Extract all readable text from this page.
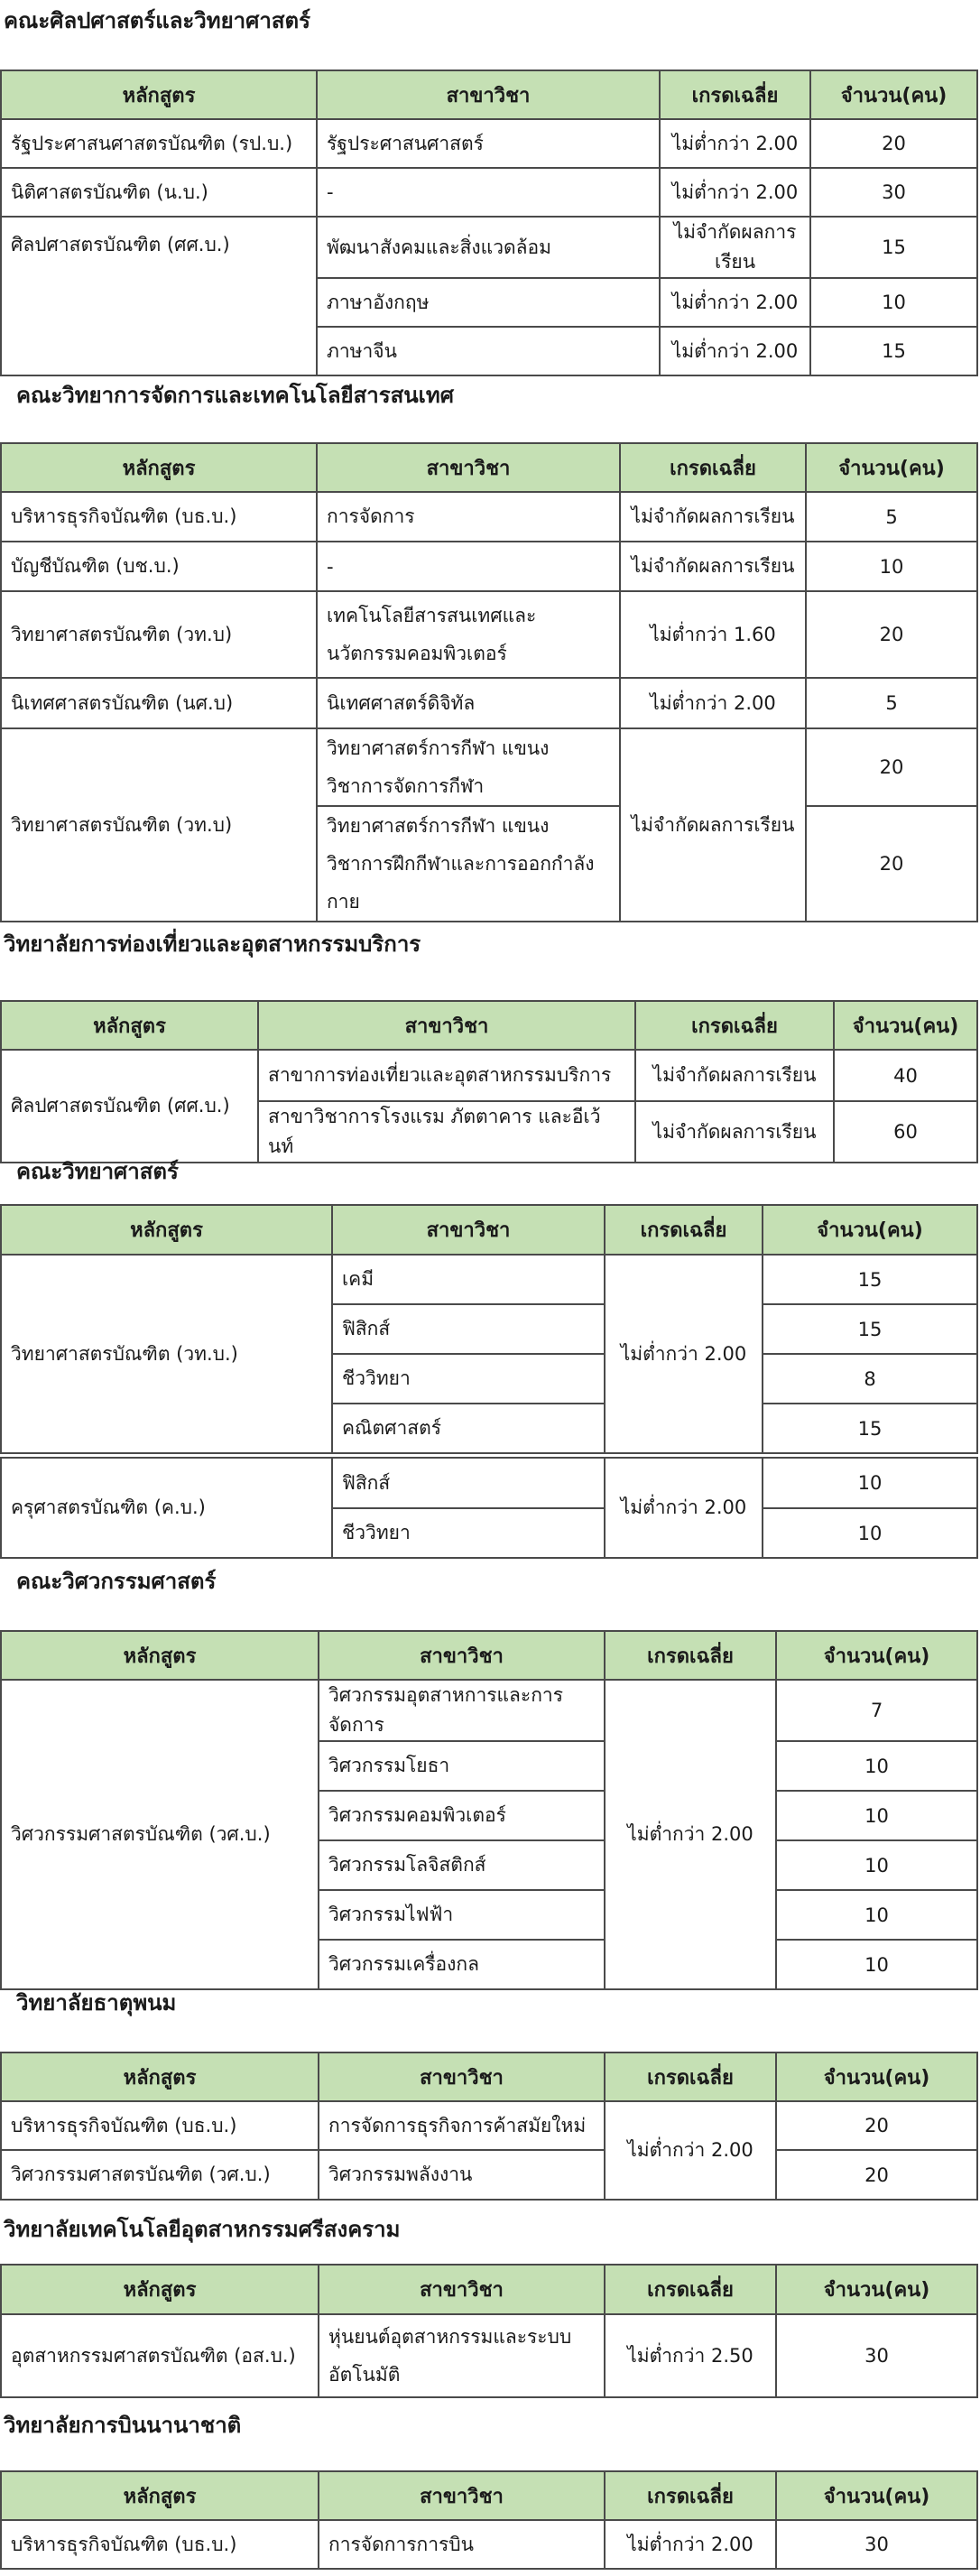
คณะศิลปศาสตร์และวิทยาศาสตร์
หลักสูตร	สาขาวิชา	เกรดเฉลี่ย	จำนวน(คน)
รัฐประศาสนศาสตรบัณฑิต (รป.บ.)	รัฐประศาสนศาสตร์	ไม่ต่ำกว่า 2.00	20
นิติศาสตรบัณฑิต (น.บ.)	-	ไม่ต่ำกว่า 2.00	30
ศิลปศาสตรบัณฑิต (ศศ.บ.)	พัฒนาสังคมและสิ่งแวดล้อม	ไม่จำกัดผลการเรียน	15
	ภาษาอังกฤษ	ไม่ต่ำกว่า 2.00	10
	ภาษาจีน	ไม่ต่ำกว่า 2.00	15
คณะวิทยาการจัดการและเทคโนโลยีสารสนเทศ
หลักสูตร	สาขาวิชา	เกรดเฉลี่ย	จำนวน(คน)
บริหารธุรกิจบัณฑิต (บธ.บ.)	การจัดการ	ไม่จำกัดผลการเรียน	5
บัญชีบัณฑิต (บช.บ.)	-	ไม่จำกัดผลการเรียน	10
วิทยาศาสตรบัณฑิต (วท.บ)	เทคโนโลยีสารสนเทศและนวัตกรรมคอมพิวเตอร์	ไม่ต่ำกว่า 1.60	20
นิเทศศาสตรบัณฑิต (นศ.บ)	นิเทศศาสตร์ดิจิทัล	ไม่ต่ำกว่า 2.00	5
วิทยาศาสตรบัณฑิต (วท.บ)	วิทยาศาสตร์การกีฬา แขนงวิชาการจัดการกีฬา	ไม่จำกัดผลการเรียน	20
	วิทยาศาสตร์การกีฬา แขนงวิชาการฝึกกีฬาและการออกกำลังกาย		20
วิทยาลัยการท่องเที่ยวและอุตสาหกรรมบริการ
หลักสูตร	สาขาวิชา	เกรดเฉลี่ย	จำนวน(คน)
ศิลปศาสตรบัณฑิต (ศศ.บ.)	สาขาการท่องเที่ยวและอุตสาหกรรมบริการ	ไม่จำกัดผลการเรียน	40
	สาขาวิชาการโรงแรม ภัตตาคาร และอีเว้นท์	ไม่จำกัดผลการเรียน	60
คณะวิทยาศาสตร์
หลักสูตร	สาขาวิชา	เกรดเฉลี่ย	จำนวน(คน)
วิทยาศาสตรบัณฑิต (วท.บ.)	เคมี	ไม่ต่ำกว่า 2.00	15
	ฟิสิกส์		15
	ชีววิทยา		8
	คณิตศาสตร์		15
ครุศาสตรบัณฑิต (ค.บ.)	ฟิสิกส์	ไม่ต่ำกว่า 2.00	10
	ชีววิทยา		10
คณะวิศวกรรมศาสตร์
หลักสูตร	สาขาวิชา	เกรดเฉลี่ย	จำนวน(คน)
วิศวกรรมศาสตรบัณฑิต (วศ.บ.)	วิศวกรรมอุตสาหการและการจัดการ	ไม่ต่ำกว่า 2.00	7
	วิศวกรรมโยธา		10
	วิศวกรรมคอมพิวเตอร์		10
	วิศวกรรมโลจิสติกส์		10
	วิศวกรรมไฟฟ้า		10
	วิศวกรรมเครื่องกล		10
วิทยาลัยธาตุพนม
หลักสูตร	สาขาวิชา	เกรดเฉลี่ย	จำนวน(คน)
บริหารธุรกิจบัณฑิต (บธ.บ.)	การจัดการธุรกิจการค้าสมัยใหม่	ไม่ต่ำกว่า 2.00	20
วิศวกรรมศาสตรบัณฑิต (วศ.บ.)	วิศวกรรมพลังงาน		20
วิทยาลัยเทคโนโลยีอุตสาหกรรมศรีสงคราม
หลักสูตร	สาขาวิชา	เกรดเฉลี่ย	จำนวน(คน)
อุตสาหกรรมศาสตรบัณฑิต (อส.บ.)	หุ่นยนต์อุตสาหกรรมและระบบอัตโนมัติ	ไม่ต่ำกว่า 2.50	30
วิทยาลัยการบินนานาชาติ
หลักสูตร	สาขาวิชา	เกรดเฉลี่ย	จำนวน(คน)
บริหารธุรกิจบัณฑิต (บธ.บ.)	การจัดการการบิน	ไม่ต่ำกว่า 2.00	30
